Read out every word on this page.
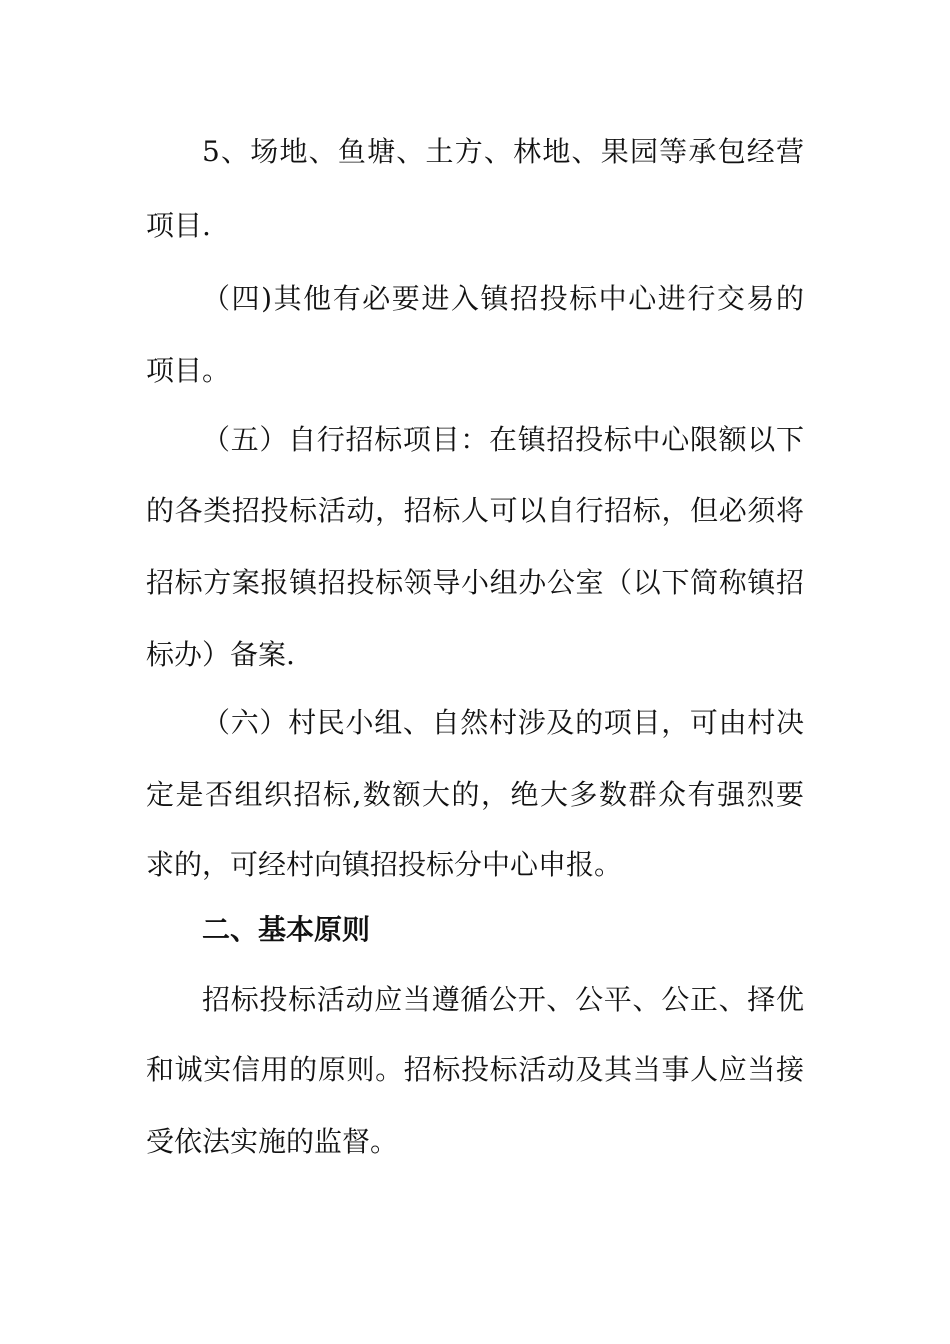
5、场地、鱼塘、土方、林地、果园等承包经营
项目.
（四)其他有必要进入镇招投标中心进行交易的
项目。
（五）自行招标项目：在镇招投标中心限额以下
的各类招投标活动，招标人可以自行招标，但必须将
招标方案报镇招投标领导小组办公室（以下简称镇招
标办）备案.
（六）村民小组、自然村涉及的项目，可由村决
定是否组织招标,数额大的，绝大多数群众有强烈要
求的，可经村向镇招投标分中心申报。
二、基本原则
招标投标活动应当遵循公开、公平、公正、择优
和诚实信用的原则。招标投标活动及其当事人应当接
受依法实施的监督。
